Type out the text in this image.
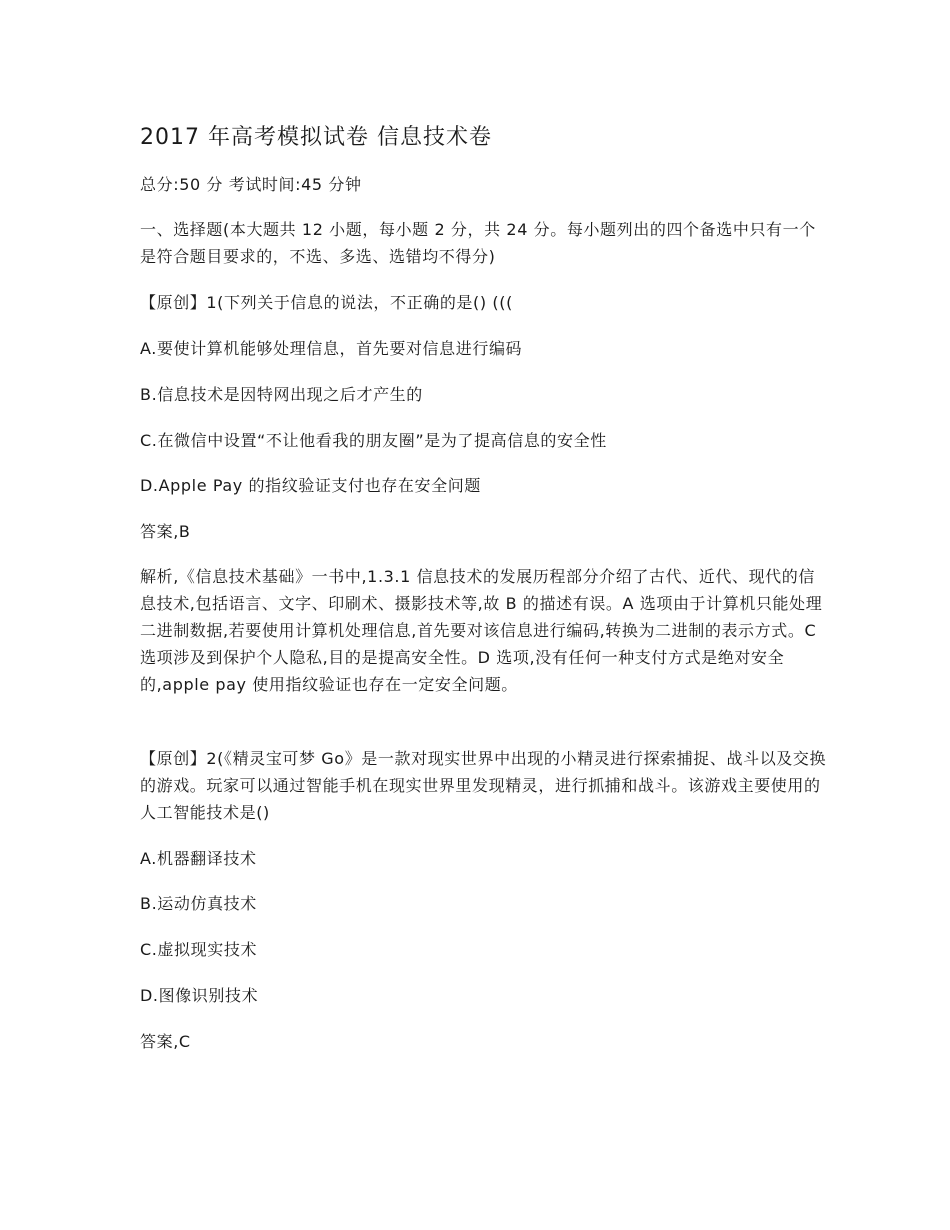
2017 年高考模拟试卷 信息技术卷
总分:50 分 考试时间:45 分钟
一、选择题(本大题共 12 小题，每小题 2 分，共 24 分。每小题列出的四个备选中只有一个是符合题目要求的，不选、多选、选错均不得分)
【原创】1(下列关于信息的说法，不正确的是() (((
A.要使计算机能够处理信息，首先要对信息进行编码
B.信息技术是因特网出现之后才产生的
C.在微信中设置“不让他看我的朋友圈”是为了提高信息的安全性
D.Apple Pay 的指纹验证支付也存在安全问题
答案,B
解析,《信息技术基础》一书中,1.3.1 信息技术的发展历程部分介绍了古代、近代、现代的信息技术,包括语言、文字、印刷术、摄影技术等,故 B 的描述有误。A 选项由于计算机只能处理二进制数据,若要使用计算机处理信息,首先要对该信息进行编码,转换为二进制的表示方式。C 选项涉及到保护个人隐私,目的是提高安全性。D 选项,没有任何一种支付方式是绝对安全的,apple pay 使用指纹验证也存在一定安全问题。
【原创】2(《精灵宝可梦 Go》是一款对现实世界中出现的小精灵进行探索捕捉、战斗以及交换的游戏。玩家可以通过智能手机在现实世界里发现精灵，进行抓捕和战斗。该游戏主要使用的人工智能技术是()
A.机器翻译技术
B.运动仿真技术
C.虚拟现实技术
D.图像识别技术
答案,C
